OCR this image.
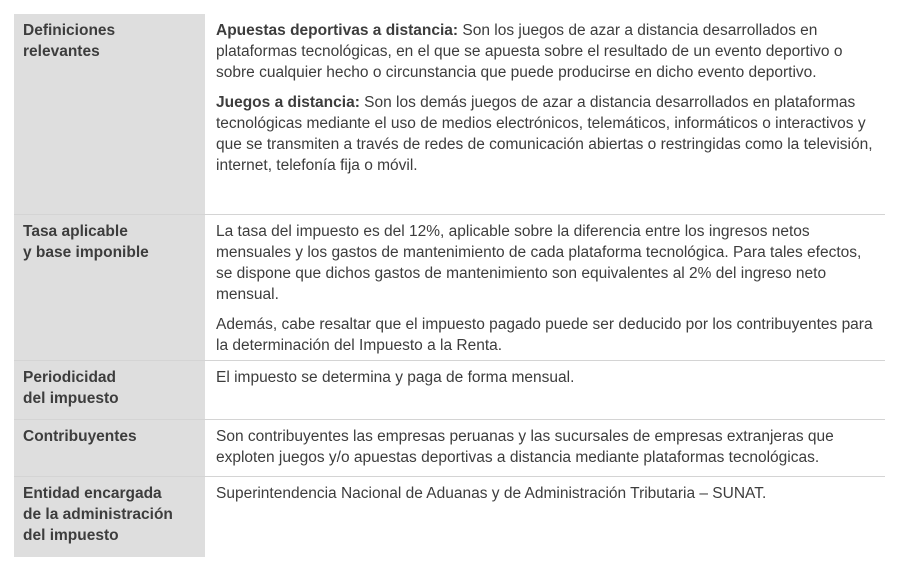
Definiciones
relevantes

Apuestas deportivas a distancia: Son los juegos de azar a distancia desarrollados en plataformas tecnológicas, en el que se apuesta sobre el resultado de un evento deportivo o sobre cualquier hecho o circunstancia que puede producirse en dicho evento deportivo.

Juegos a distancia: Son los demás juegos de azar a distancia desarrollados en plataformas tecnológicas mediante el uso de medios electrónicos, telemáticos, informáticos o interactivos y que se transmiten a través de redes de comunicación abiertas o restringidas como la televisión, internet, telefonía fija o móvil.

Tasa aplicable
y base imponible

La tasa del impuesto es del 12%, aplicable sobre la diferencia entre los ingresos netos mensuales y los gastos de mantenimiento de cada plataforma tecnológica. Para tales efectos, se dispone que dichos gastos de mantenimiento son equivalentes al 2% del ingreso neto mensual.

Además, cabe resaltar que el impuesto pagado puede ser deducido por los contribuyentes para la determinación del Impuesto a la Renta.

Periodicidad
del impuesto

El impuesto se determina y paga de forma mensual.

Contribuyentes	Son contribuyentes las empresas peruanas y las sucursales de empresas extranjeras que exploten juegos y/o apuestas deportivas a distancia mediante plataformas tecnológicas.

Entidad encargada
de la administración
del impuesto

Superintendencia Nacional de Aduanas y de Administración Tributaria – SUNAT.
